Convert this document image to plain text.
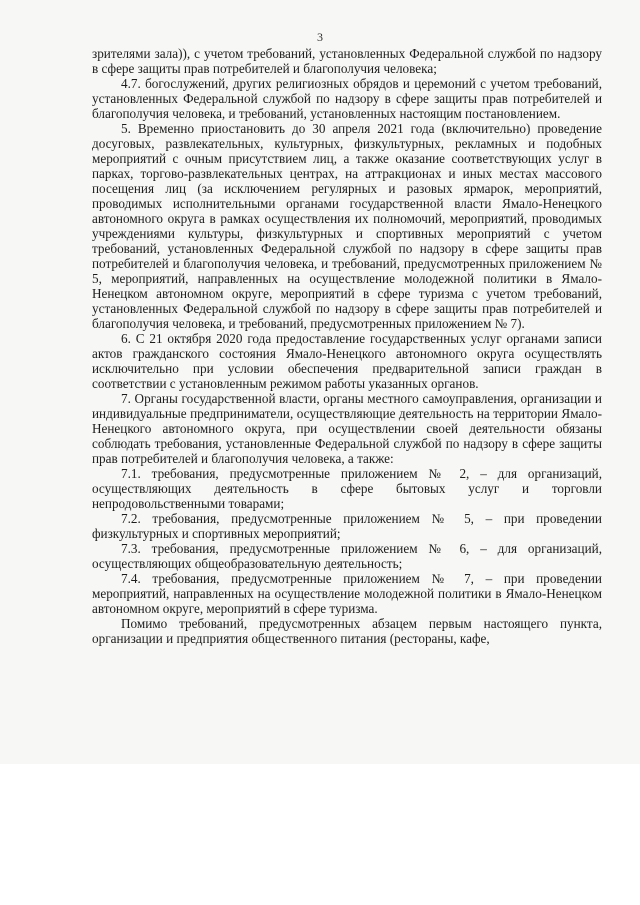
3

зрителями зала)), с учетом требований, установленных Федеральной службой по надзору в сфере защиты прав потребителей и благополучия человека;

4.7. богослужений, других религиозных обрядов и церемоний с учетом требований, установленных Федеральной службой по надзору в сфере защиты прав потребителей и благополучия человека, и требований, установленных настоящим постановлением.

5. Временно приостановить до 30 апреля 2021 года (включительно) проведение досуговых, развлекательных, культурных, физкультурных, рекламных и подобных мероприятий с очным присутствием лиц, а также оказание соответствующих услуг в парках, торгово-развлекательных центрах, на аттракционах и иных местах массового посещения лиц (за исключением регулярных и разовых ярмарок, мероприятий, проводимых исполнительными органами государственной власти Ямало-Ненецкого автономного округа в рамках осуществления их полномочий, мероприятий, проводимых учреждениями культуры, физкультурных и спортивных мероприятий с учетом требований, установленных Федеральной службой по надзору в сфере защиты прав потребителей и благополучия человека, и требований, предусмотренных приложением № 5, мероприятий, направленных на осуществление молодежной политики в Ямало-Ненецком автономном округе, мероприятий в сфере туризма с учетом требований, установленных Федеральной службой по надзору в сфере защиты прав потребителей и благополучия человека, и требований, предусмотренных приложением № 7).

6. С 21 октября 2020 года предоставление государственных услуг органами записи актов гражданского состояния Ямало-Ненецкого автономного округа осуществлять исключительно при условии обеспечения предварительной записи граждан в соответствии с установленным режимом работы указанных органов.

7. Органы государственной власти, органы местного самоуправления, организации и индивидуальные предприниматели, осуществляющие деятельность на территории Ямало-Ненецкого автономного округа, при осуществлении своей деятельности обязаны соблюдать требования, установленные Федеральной службой по надзору в сфере защиты прав потребителей и благополучия человека, а также:

7.1. требования, предусмотренные приложением № 2, – для организаций, осуществляющих деятельность в сфере бытовых услуг и торговли непродовольственными товарами;

7.2. требования, предусмотренные приложением № 5, – при проведении физкультурных и спортивных мероприятий;

7.3. требования, предусмотренные приложением № 6, – для организаций, осуществляющих общеобразовательную деятельность;

7.4. требования, предусмотренные приложением № 7, – при проведении мероприятий, направленных на осуществление молодежной политики в Ямало-Ненецком автономном округе, мероприятий в сфере туризма.

Помимо требований, предусмотренных абзацем первым настоящего пункта, организации и предприятия общественного питания (рестораны, кафе,
